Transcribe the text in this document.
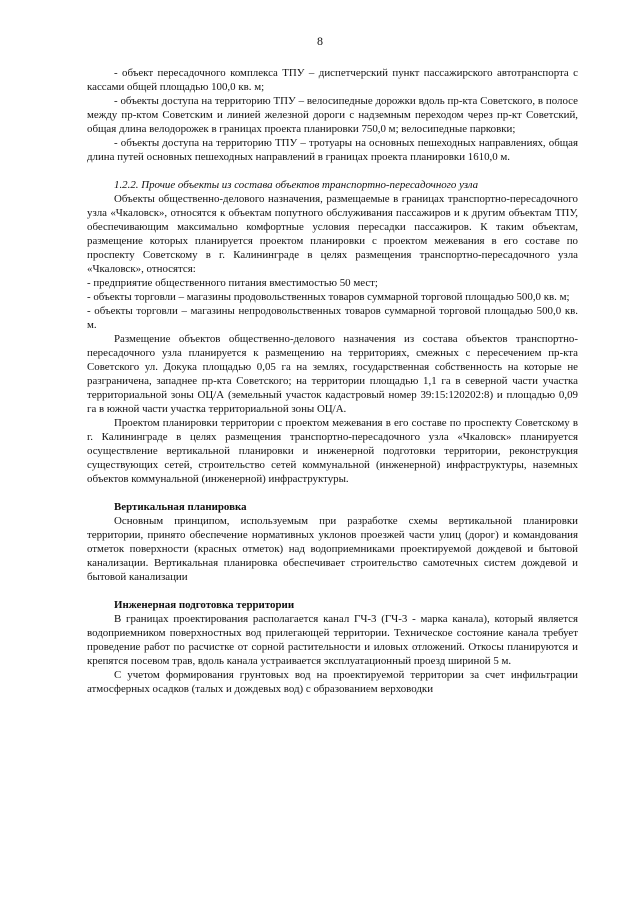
8

- объект пересадочного комплекса ТПУ – диспетчерский пункт пассажирского автотранспорта с кассами общей площадью 100,0 кв. м;

- объекты доступа на территорию ТПУ – велосипедные дорожки вдоль пр-кта Советского, в полосе между пр-ктом Советским и линией железной дороги с надземным переходом через пр-кт Советский, общая длина велодорожек в границах проекта планировки 750,0 м; велосипедные парковки;

- объекты доступа на территорию ТПУ – тротуары на основных пешеходных направлениях, общая длина путей основных пешеходных направлений в границах проекта планировки 1610,0 м.

1.2.2. Прочие объекты из состава объектов транспортно-пересадочного узла

Объекты общественно-делового назначения, размещаемые в границах транспортно-пересадочного узла «Чкаловск», относятся к объектам попутного обслуживания пассажиров и к другим объектам ТПУ, обеспечивающим максимально комфортные условия пересадки пассажиров. К таким объектам, размещение которых планируется проектом планировки с проектом межевания в его составе по проспекту Советскому в г. Калининграде в целях размещения транспортно-пересадочного узла «Чкаловск», относятся:

- предприятие общественного питания вместимостью 50 мест;

- объекты торговли – магазины продовольственных товаров суммарной торговой площадью 500,0 кв. м;

- объекты торговли – магазины непродовольственных товаров суммарной торговой площадью 500,0 кв. м.

Размещение объектов общественно-делового назначения из состава объектов транспортно-пересадочного узла планируется к размещению на территориях, смежных с пересечением пр-кта Советского ул. Докука площадью 0,05 га на землях, государственная собственность на которые не разграничена, западнее пр-кта Советского; на территории площадью 1,1 га в северной части участка территориальной зоны ОЦ/А (земельный участок кадастровый номер 39:15:120202:8) и площадью 0,09 га в южной части участка территориальной зоны ОЦ/А.

Проектом планировки территории с проектом межевания в его составе по проспекту Советскому в г. Калининграде в целях размещения транспортно-пересадочного узла «Чкаловск» планируется осуществление вертикальной планировки и инженерной подготовки территории, реконструкция существующих сетей, строительство сетей коммунальной (инженерной) инфраструктуры, наземных объектов коммунальной (инженерной) инфраструктуры.

Вертикальная планировка

Основным принципом, используемым при разработке схемы вертикальной планировки территории, принято обеспечение нормативных уклонов проезжей части улиц (дорог) и командования отметок поверхности (красных отметок) над водоприемниками проектируемой дождевой и бытовой канализации. Вертикальная планировка обеспечивает строительство самотечных систем дождевой и бытовой канализации

Инженерная подготовка территории

В границах проектирования располагается канал ГЧ-3 (ГЧ-3 - марка канала), который является водоприемником поверхностных вод прилегающей территории. Техническое состояние канала требует проведение работ по расчистке от сорной растительности и иловых отложений. Откосы планируются и крепятся посевом трав, вдоль канала устраивается эксплуатационный проезд шириной 5 м.

С учетом формирования грунтовых вод на проектируемой территории за счет инфильтрации атмосферных осадков (талых и дождевых вод) с образованием верховодки
